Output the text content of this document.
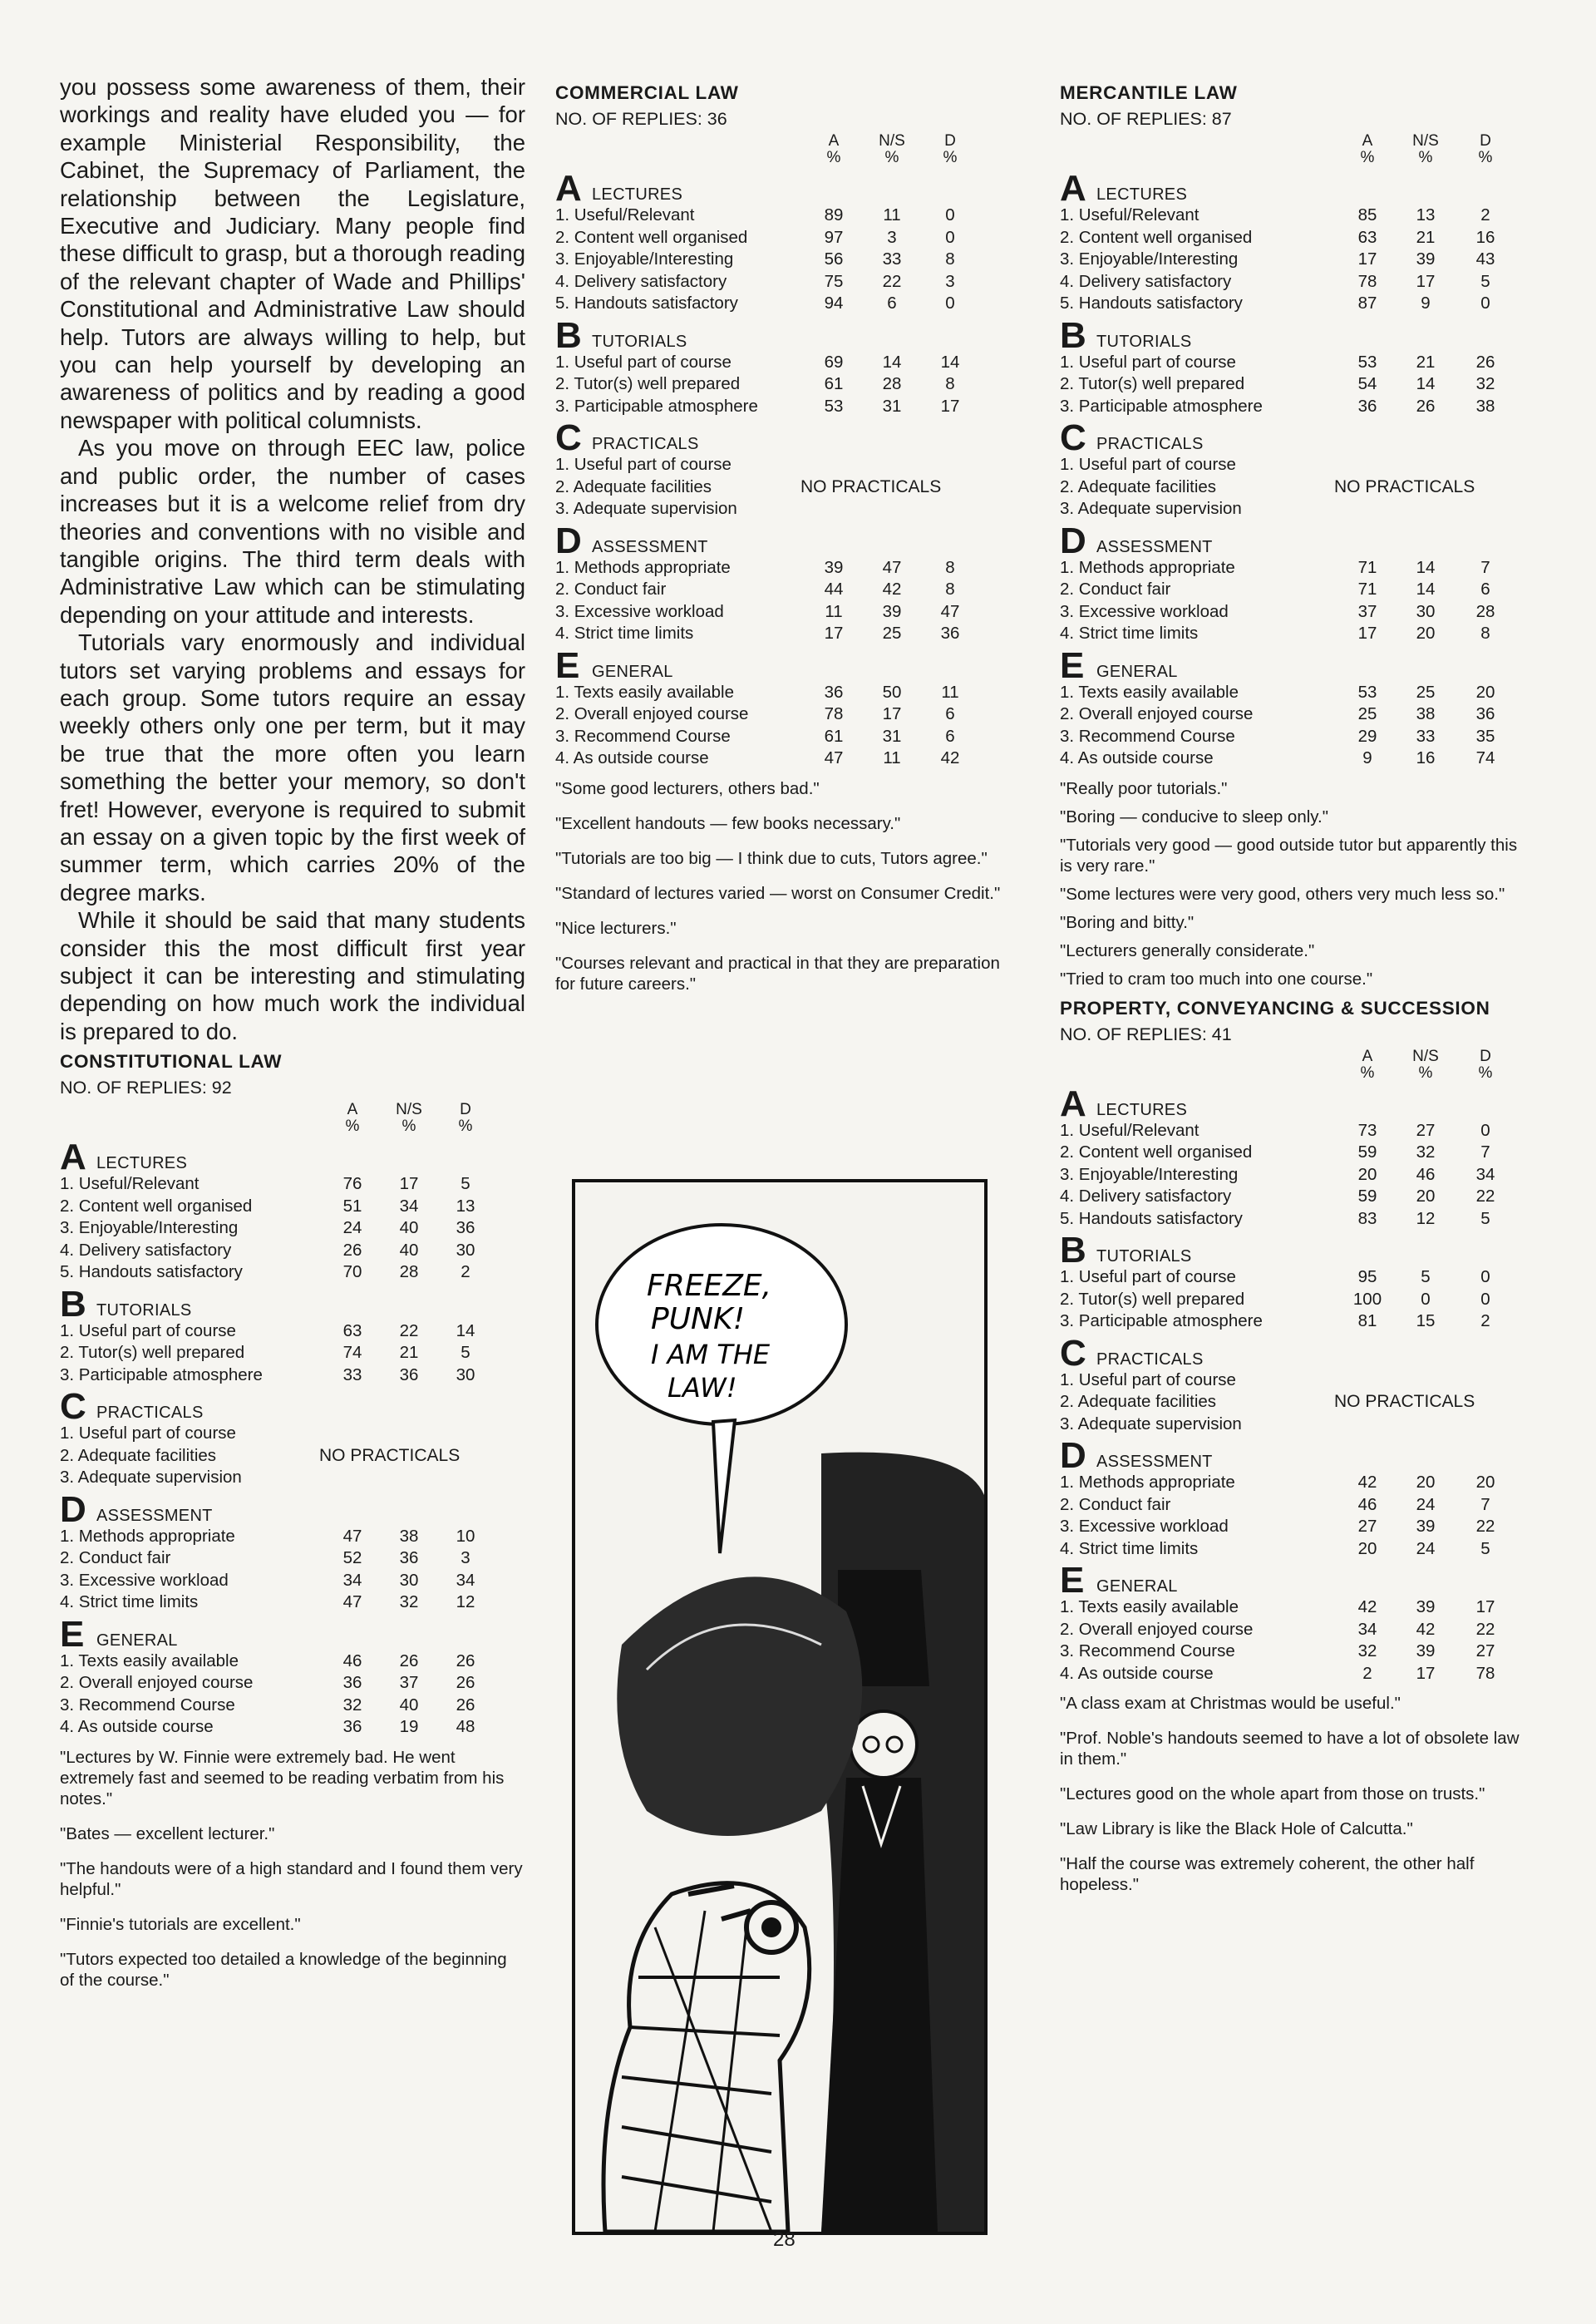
you possess some awareness of them, their workings and reality have eluded you — for example Ministerial Responsibility, the Cabinet, the Supremacy of Parliament, the relationship between the Legislature, Executive and Judiciary. Many people find these difficult to grasp, but a thorough reading of the relevant chapter of Wade and Phillips' Constitutional and Administrative Law should help. Tutors are always willing to help, but you can help yourself by developing an awareness of politics and by reading a good newspaper with political columnists.

As you move on through EEC law, police and public order, the number of cases increases but it is a welcome relief from dry theories and conventions with no visible and tangible origins. The third term deals with Administrative Law which can be stimulating depending on your attitude and interests.

Tutorials vary enormously and individual tutors set varying problems and essays for each group. Some tutors require an essay weekly others only one per term, but it may be true that the more often you learn something the better your memory, so don't fret! However, everyone is required to submit an essay on a given topic by the first week of summer term, which carries 20% of the degree marks.

While it should be said that many students consider this the most difficult first year subject it can be interesting and stimulating depending on how much work the individual is prepared to do.

CONSTITUTIONAL LAW
NO. OF REPLIES: 92
A
%
N/S
%
D
%
A LECTURES
1. Useful/Relevant	76	17	5
2. Content well organised	51	34	13
3. Enjoyable/Interesting	24	40	36
4. Delivery satisfactory	26	40	30
5. Handouts satisfactory	70	28	2
B TUTORIALS
1. Useful part of course	63	22	14
2. Tutor(s) well prepared	74	21	5
3. Participable atmosphere	33	36	30
C PRACTICALS
1. Useful part of course
2. Adequate facilities	NO PRACTICALS
3. Adequate supervision
D ASSESSMENT
1. Methods appropriate	47	38	10
2. Conduct fair	52	36	3
3. Excessive workload	34	30	34
4. Strict time limits	47	32	12
E GENERAL
1. Texts easily available	46	26	26
2. Overall enjoyed course	36	37	26
3. Recommend Course	32	40	26
4. As outside course	36	19	48

"Lectures by W. Finnie were extremely bad. He went extremely fast and seemed to be reading verbatim from his notes."

"Bates — excellent lecturer."

"The handouts were of a high standard and I found them very helpful."

"Finnie's tutorials are excellent."

"Tutors expected too detailed a knowledge of the beginning of the course."

COMMERCIAL LAW
NO. OF REPLIES: 36
A
%
N/S
%
D
%
A LECTURES
1. Useful/Relevant	89	11	0
2. Content well organised	97	3	0
3. Enjoyable/Interesting	56	33	8
4. Delivery satisfactory	75	22	3
5. Handouts satisfactory	94	6	0
B TUTORIALS
1. Useful part of course	69	14	14
2. Tutor(s) well prepared	61	28	8
3. Participable atmosphere	53	31	17
C PRACTICALS
1. Useful part of course
2. Adequate facilities	NO PRACTICALS
3. Adequate supervision
D ASSESSMENT
1. Methods appropriate	39	47	8
2. Conduct fair	44	42	8
3. Excessive workload	11	39	47
4. Strict time limits	17	25	36
E GENERAL
1. Texts easily available	36	50	11
2. Overall enjoyed course	78	17	6
3. Recommend Course	61	31	6
4. As outside course	47	11	42

"Some good lecturers, others bad."

"Excellent handouts — few books necessary."

"Tutorials are too big — I think due to cuts, Tutors agree."

"Standard of lectures varied — worst on Consumer Credit."

"Nice lecturers."

"Courses relevant and practical in that they are preparation for future careers."

MERCANTILE LAW
NO. OF REPLIES: 87
A
%
N/S
%
D
%
A LECTURES
1. Useful/Relevant	85	13	2
2. Content well organised	63	21	16
3. Enjoyable/Interesting	17	39	43
4. Delivery satisfactory	78	17	5
5. Handouts satisfactory	87	9	0
B TUTORIALS
1. Useful part of course	53	21	26
2. Tutor(s) well prepared	54	14	32
3. Participable atmosphere	36	26	38
C PRACTICALS
1. Useful part of course
2. Adequate facilities	NO PRACTICALS
3. Adequate supervision
D ASSESSMENT
1. Methods appropriate	71	14	7
2. Conduct fair	71	14	6
3. Excessive workload	37	30	28
4. Strict time limits	17	20	8
E GENERAL
1. Texts easily available	53	25	20
2. Overall enjoyed course	25	38	36
3. Recommend Course	29	33	35
4. As outside course	9	16	74

"Really poor tutorials."

"Boring — conducive to sleep only."

"Tutorials very good — good outside tutor but apparently this is very rare."

"Some lectures were very good, others very much less so."

"Boring and bitty."

"Lecturers generally considerate."

"Tried to cram too much into one course."

PROPERTY, CONVEYANCING & SUCCESSION
NO. OF REPLIES: 41
A
%
N/S
%
D
%
A LECTURES
1. Useful/Relevant	73	27	0
2. Content well organised	59	32	7
3. Enjoyable/Interesting	20	46	34
4. Delivery satisfactory	59	20	22
5. Handouts satisfactory	83	12	5
B TUTORIALS
1. Useful part of course	95	5	0
2. Tutor(s) well prepared	100	0	0
3. Participable atmosphere	81	15	2
C PRACTICALS
1. Useful part of course
2. Adequate facilities	NO PRACTICALS
3. Adequate supervision
D ASSESSMENT
1. Methods appropriate	42	20	20
2. Conduct fair	46	24	7
3. Excessive workload	27	39	22
4. Strict time limits	20	24	5
E GENERAL
1. Texts easily available	42	39	17
2. Overall enjoyed course	34	42	22
3. Recommend Course	32	39	27
4. As outside course	2	17	78

"A class exam at Christmas would be useful."

"Prof. Noble's handouts seemed to have a lot of obsolete law in them."

"Lectures good on the whole apart from those on trusts."

"Law Library is like the Black Hole of Calcutta."

"Half the course was extremely coherent, the other half hopeless."

FREEZE,
PUNK!
I AM THE
LAW!
28
